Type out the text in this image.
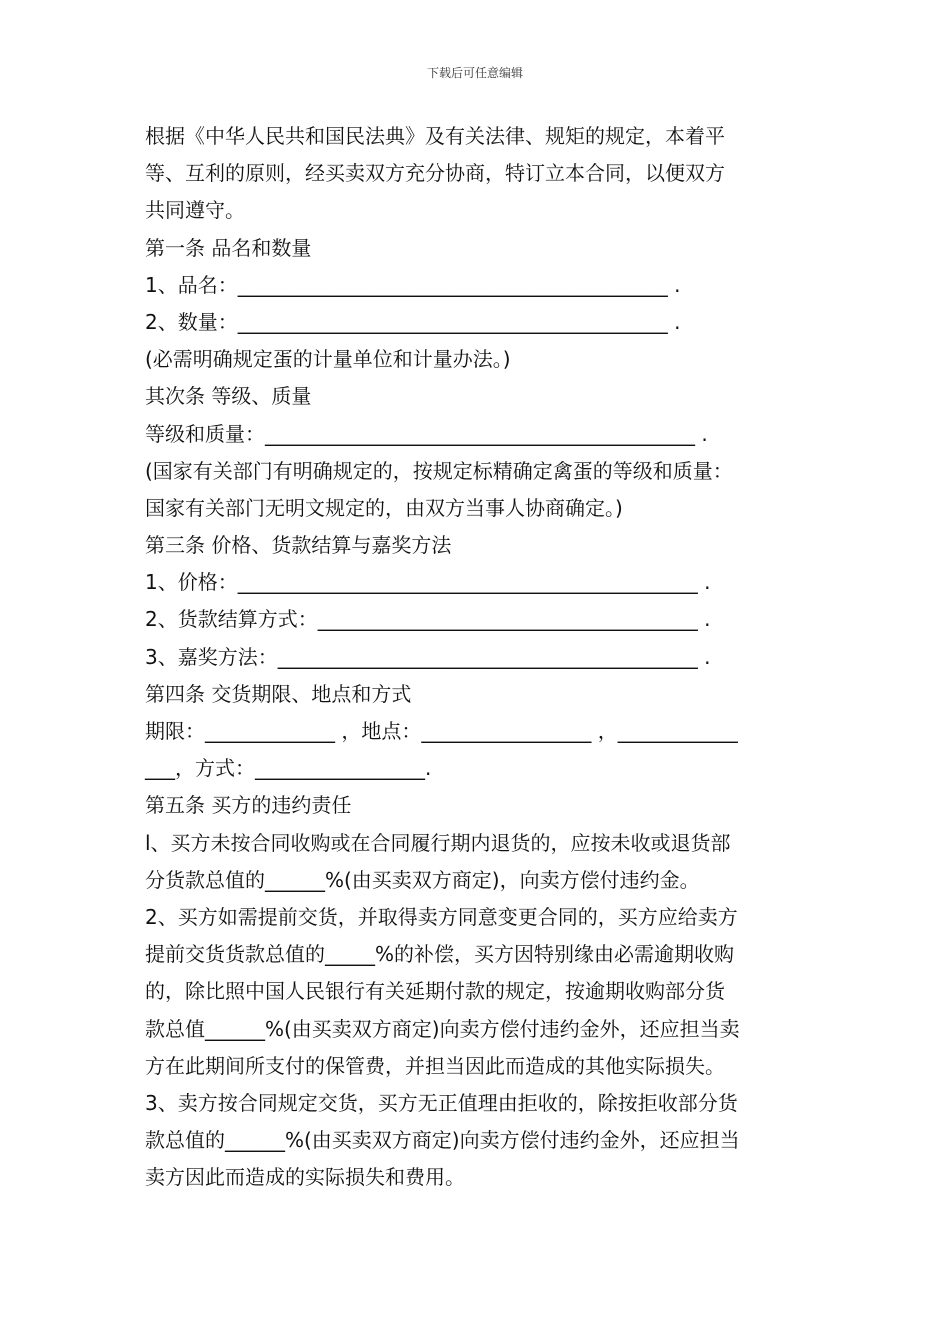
下载后可任意编辑
根据《中华人民共和国民法典》及有关法律、规矩的规定，本着平
等、互利的原则，经买卖双方充分协商，特订立本合同，以便双方
共同遵守。
第一条 品名和数量
1、品名：___________________________________________ .
2、数量：___________________________________________ .
(必需明确规定蛋的计量单位和计量办法。)
其次条 等级、质量
等级和质量：___________________________________________ .
(国家有关部门有明确规定的，按规定标精确定禽蛋的等级和质量：
国家有关部门无明文规定的，由双方当事人协商确定。)
第三条 价格、货款结算与嘉奖方法
1、价格：______________________________________________ .
2、货款结算方式：______________________________________ .
3、嘉奖方法：__________________________________________ .
第四条 交货期限、地点和方式
期限：_____________ ，地点：_________________ ，____________
___，方式：_________________.
第五条 买方的违约责任
l、买方未按合同收购或在合同履行期内退货的，应按未收或退货部
分货款总值的______%(由买卖双方商定)，向卖方偿付违约金。
2、买方如需提前交货，并取得卖方同意变更合同的，买方应给卖方
提前交货货款总值的_____%的补偿，买方因特别缘由必需逾期收购
的，除比照中国人民银行有关延期付款的规定，按逾期收购部分货
款总值______%(由买卖双方商定)向卖方偿付违约金外，还应担当卖
方在此期间所支付的保管费，并担当因此而造成的其他实际损失。
3、卖方按合同规定交货，买方无正值理由拒收的，除按拒收部分货
款总值的______%(由买卖双方商定)向卖方偿付违约金外，还应担当
卖方因此而造成的实际损失和费用。
